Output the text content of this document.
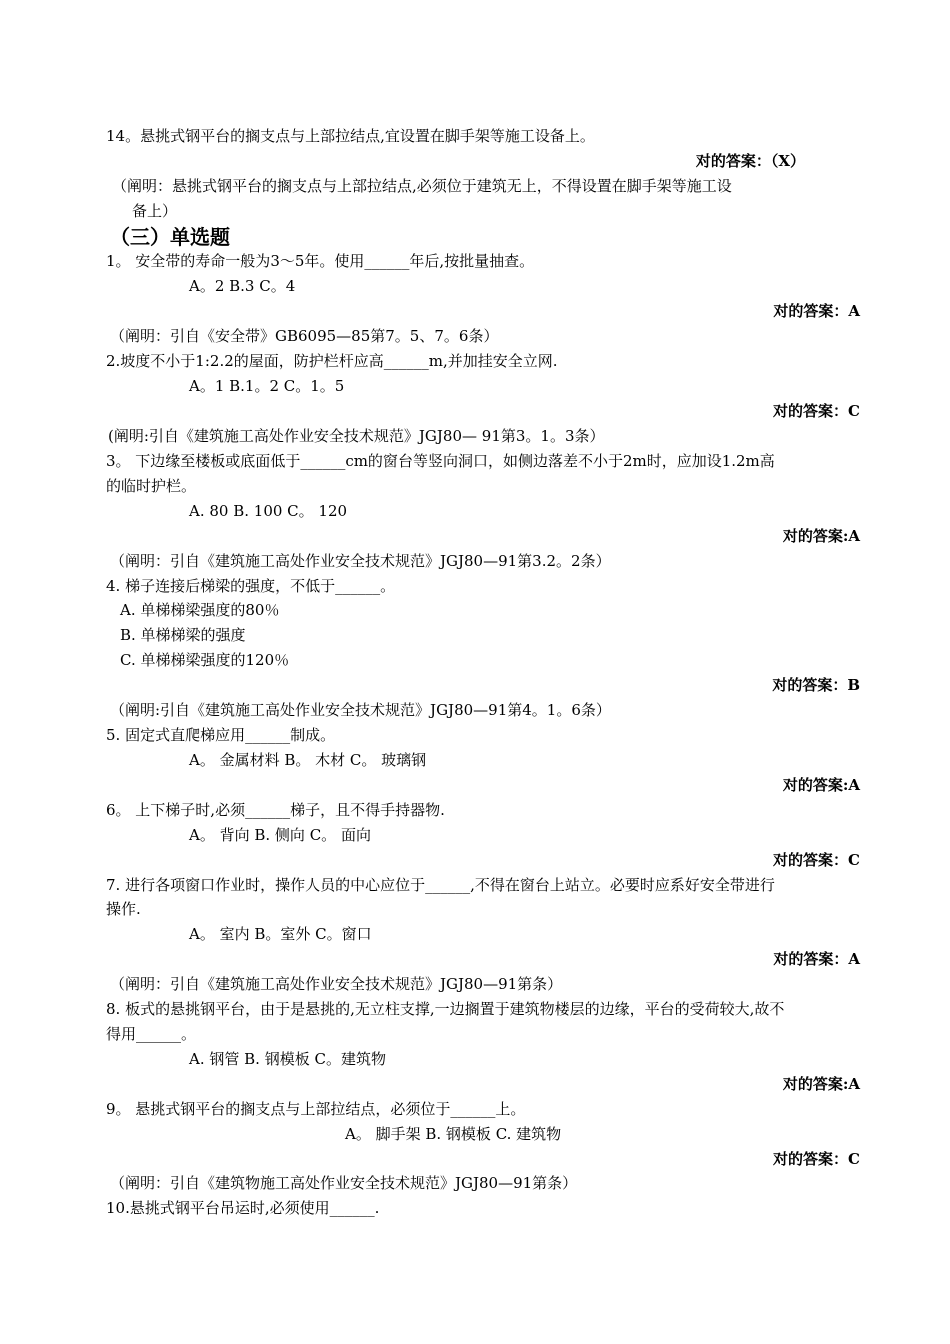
14。悬挑式钢平台的搁支点与上部拉结点,宜设置在脚手架等施工设备上。
对的答案：（X）
（阐明：悬挑式钢平台的搁支点与上部拉结点,必须位于建筑无上，不得设置在脚手架等施工设
备上）
（三）单选题
1。 安全带的寿命一般为3～5年。使用______年后,按批量抽查。
A。2 B.3 C。4
对的答案：A
（阐明：引自《安全带》GB6095—85第7。5、7。6条）
2.坡度不小于1:2.2的屋面，防护栏杆应高______m,并加挂安全立网.
A。1 B.1。2 C。1。5
对的答案：C
(阐明:引自《建筑施工高处作业安全技术规范》JGJ80— 91第3。1。3条）
3。 下边缘至楼板或底面低于______cm的窗台等竖向洞口，如侧边落差不小于2m时，应加设1.2m高
的临时护栏。
A. 80 B. 100 C。 120
对的答案:A
（阐明：引自《建筑施工高处作业安全技术规范》JGJ80—91第3.2。2条）
4. 梯子连接后梯梁的强度，不低于______。
A. 单梯梯梁强度的80％
B. 单梯梯梁的强度
C. 单梯梯梁强度的120％
对的答案：B
（阐明:引自《建筑施工高处作业安全技术规范》JGJ80—91第4。1。6条）
5. 固定式直爬梯应用______制成。
A。 金属材料 B。 木材 C。 玻璃钢
对的答案:A
6。 上下梯子时,必须______梯子，且不得手持器物.
A。 背向 B. 侧向 C。 面向
对的答案：C
7. 进行各项窗口作业时，操作人员的中心应位于______,不得在窗台上站立。必要时应系好安全带进行
操作.
A。 室内 B。室外 C。窗口
对的答案：A
（阐明：引自《建筑施工高处作业安全技术规范》JGJ80—91第条）
8. 板式的悬挑钢平台，由于是悬挑的,无立柱支撑,一边搁置于建筑物楼层的边缘，平台的受荷较大,故不
得用______。
A. 钢管 B. 钢模板 C。建筑物
对的答案:A
9。 悬挑式钢平台的搁支点与上部拉结点，必须位于______上。
A。 脚手架 B. 钢模板 C. 建筑物
对的答案：C
（阐明：引自《建筑物施工高处作业安全技术规范》JGJ80—91第条）
10.悬挑式钢平台吊运时,必须使用______.
